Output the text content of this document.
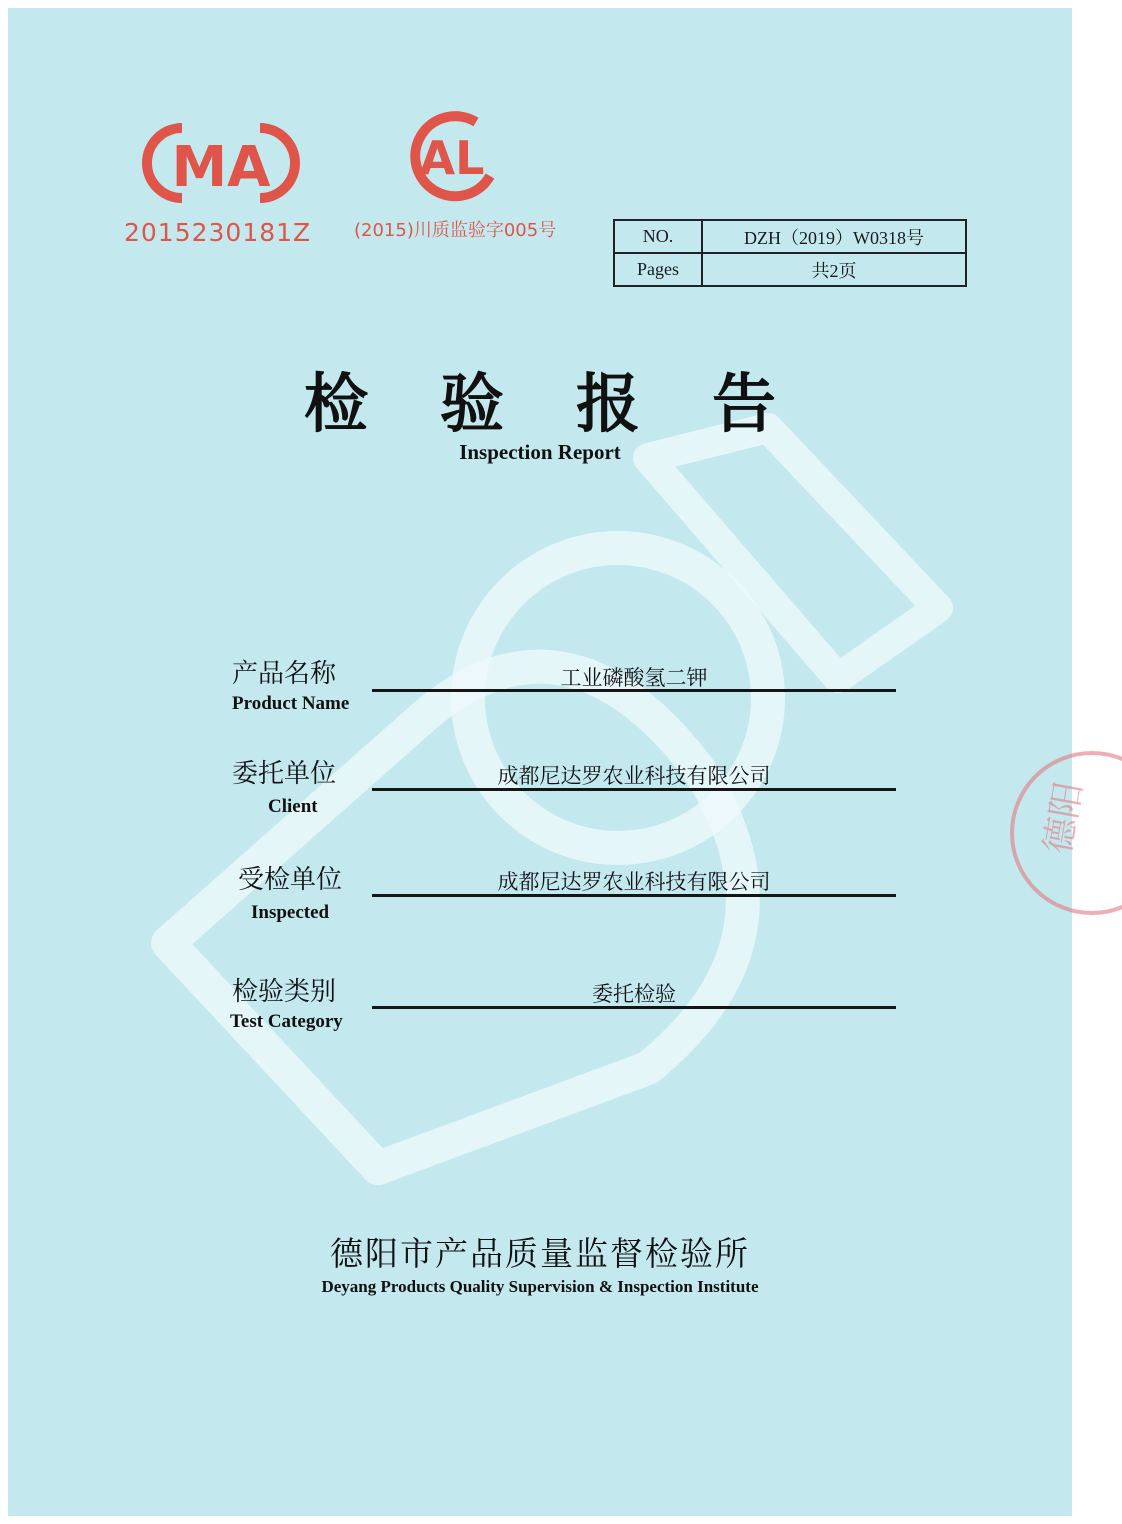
MA
2015230181Z
AL
(2015)川质监验字005号	NO.	DZH（2019）W0318号
Pages	共2页
检验报告
Inspection Report
产品名称
Product Name
工业磷酸氢二钾
委托单位
Client
成都尼达罗农业科技有限公司
受检单位
Inspected
成都尼达罗农业科技有限公司
检验类别
Test Category
委托检验
德阳市产品质量监督检验所
Deyang Products Quality Supervision & Inspection Institute
德阳
